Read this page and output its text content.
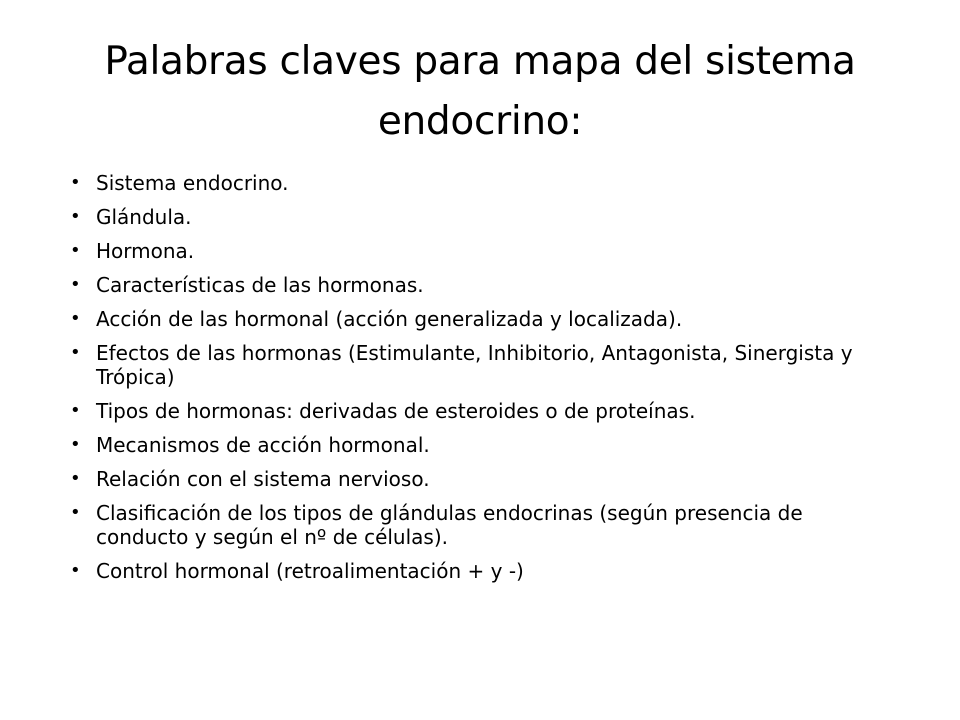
Palabras claves para mapa del sistema endocrino:
• Sistema endocrino.
• Glándula.
• Hormona.
• Características de las hormonas.
• Acción de las hormonal (acción generalizada y localizada).
• Efectos de las hormonas (Estimulante, Inhibitorio, Antagonista, Sinergista y Trópica)
• Tipos de hormonas: derivadas de esteroides o de proteínas.
• Mecanismos de acción hormonal.
• Relación con el sistema nervioso.
• Clasificación de los tipos de glándulas endocrinas (según presencia de conducto y según el nº de células).
• Control hormonal (retroalimentación + y -)
